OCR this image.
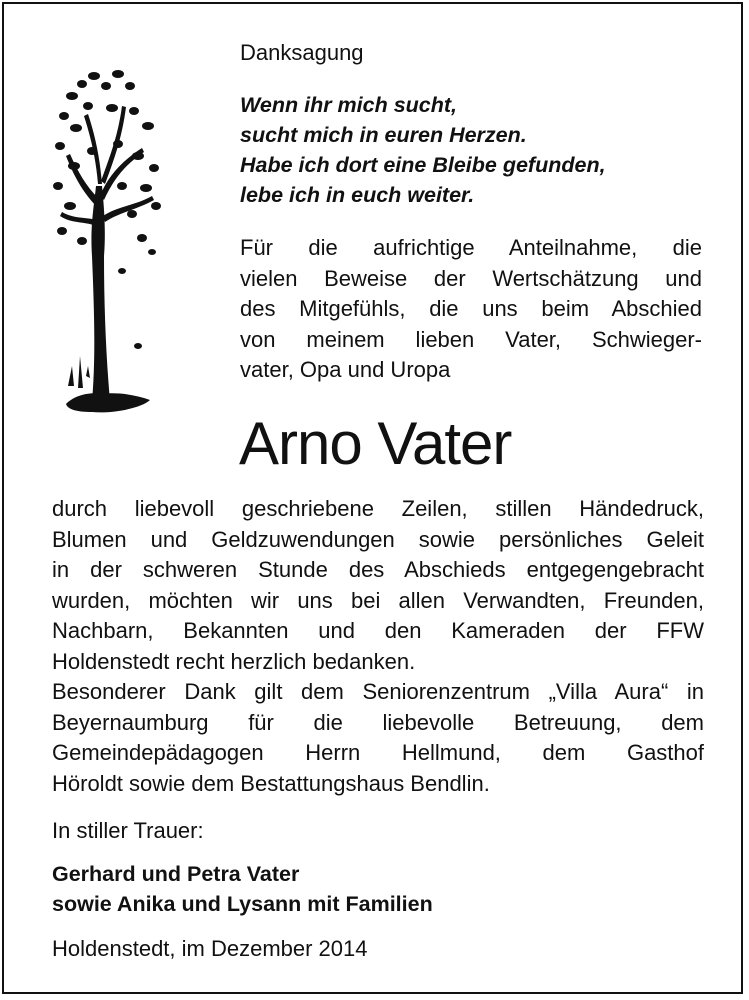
Danksagung
Wenn ihr mich sucht,
sucht mich in euren Herzen.
Habe ich dort eine Bleibe gefunden,
lebe ich in euch weiter.
Für die aufrichtige Anteilnahme, die
vielen Beweise der Wertschätzung und
des Mitgefühls, die uns beim Abschied
von meinem lieben Vater, Schwieger-
vater, Opa und Uropa
Arno Vater
durch liebevoll geschriebene Zeilen, stillen Händedruck,
Blumen und Geldzuwendungen sowie persönliches Geleit
in der schweren Stunde des Abschieds entgegengebracht
wurden, möchten wir uns bei allen Verwandten, Freunden,
Nachbarn, Bekannten und den Kameraden der FFW
Holdenstedt recht herzlich bedanken.
Besonderer Dank gilt dem Seniorenzentrum „Villa Aura“ in
Beyernaumburg für die liebevolle Betreuung, dem
Gemeindepädagogen Herrn Hellmund, dem Gasthof
Höroldt sowie dem Bestattungshaus Bendlin.
In stiller Trauer:
Gerhard und Petra Vater
sowie Anika und Lysann mit Familien
Holdenstedt, im Dezember 2014
